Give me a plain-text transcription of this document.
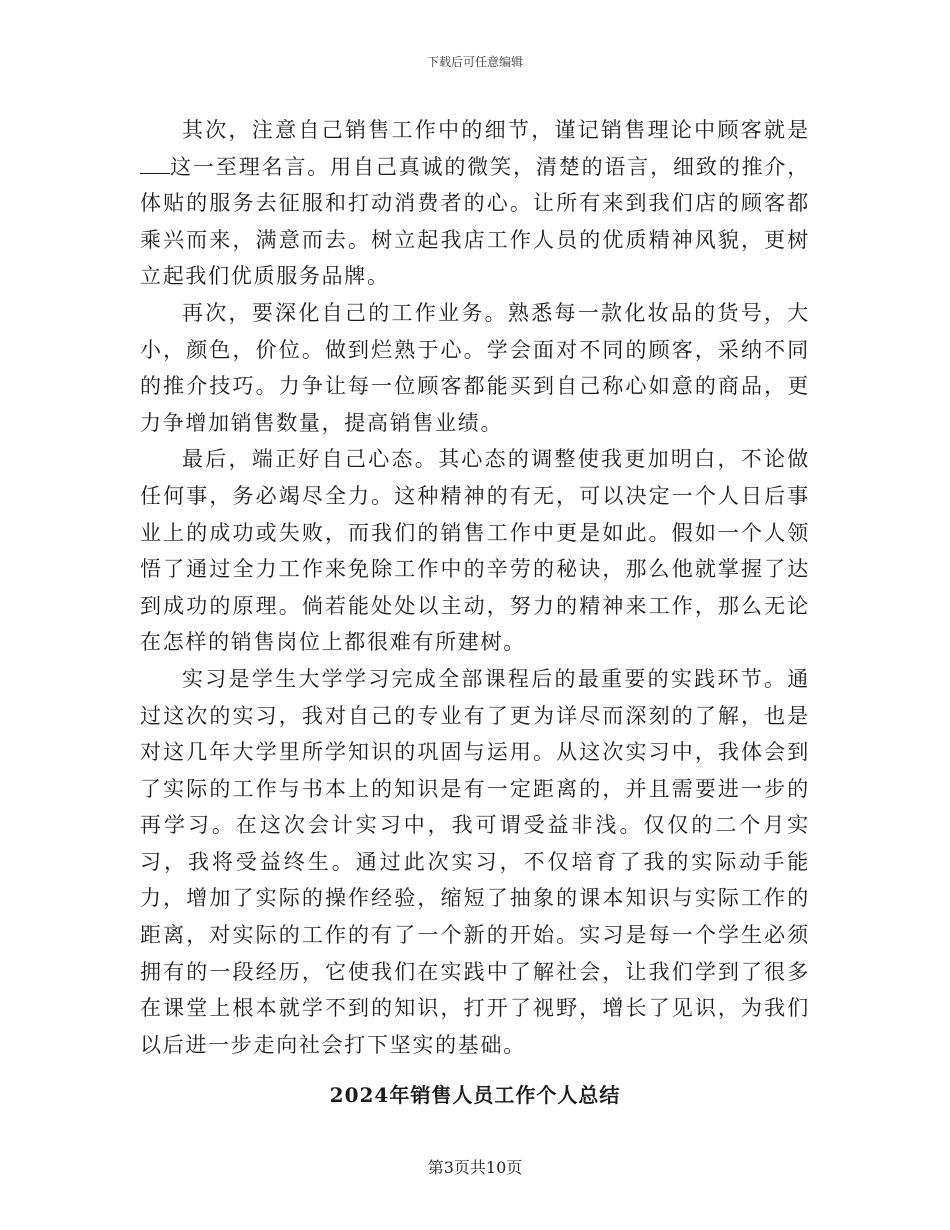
下载后可任意编辑

其次，注意自己销售工作中的细节，谨记销售理论中顾客就是这一至理名言。用自己真诚的微笑，清楚的语言，细致的推介，体贴的服务去征服和打动消费者的心。让所有来到我们店的顾客都乘兴而来，满意而去。树立起我店工作人员的优质精神风貌，更树立起我们优质服务品牌。

再次，要深化自己的工作业务。熟悉每一款化妆品的货号，大小，颜色，价位。做到烂熟于心。学会面对不同的顾客，采纳不同的推介技巧。力争让每一位顾客都能买到自己称心如意的商品，更力争增加销售数量，提高销售业绩。

最后，端正好自己心态。其心态的调整使我更加明白，不论做任何事，务必竭尽全力。这种精神的有无，可以决定一个人日后事业上的成功或失败，而我们的销售工作中更是如此。假如一个人领悟了通过全力工作来免除工作中的辛劳的秘诀，那么他就掌握了达到成功的原理。倘若能处处以主动，努力的精神来工作，那么无论在怎样的销售岗位上都很难有所建树。

实习是学生大学学习完成全部课程后的最重要的实践环节。通过这次的实习，我对自己的专业有了更为详尽而深刻的了解，也是对这几年大学里所学知识的巩固与运用。从这次实习中，我体会到了实际的工作与书本上的知识是有一定距离的，并且需要进一步的再学习。在这次会计实习中，我可谓受益非浅。仅仅的二个月实习，我将受益终生。通过此次实习，不仅培育了我的实际动手能力，增加了实际的操作经验，缩短了抽象的课本知识与实际工作的距离，对实际的工作的有了一个新的开始。实习是每一个学生必须拥有的一段经历，它使我们在实践中了解社会，让我们学到了很多在课堂上根本就学不到的知识，打开了视野，增长了见识，为我们以后进一步走向社会打下坚实的基础。

2024年销售人员工作个人总结
第3页共10页
